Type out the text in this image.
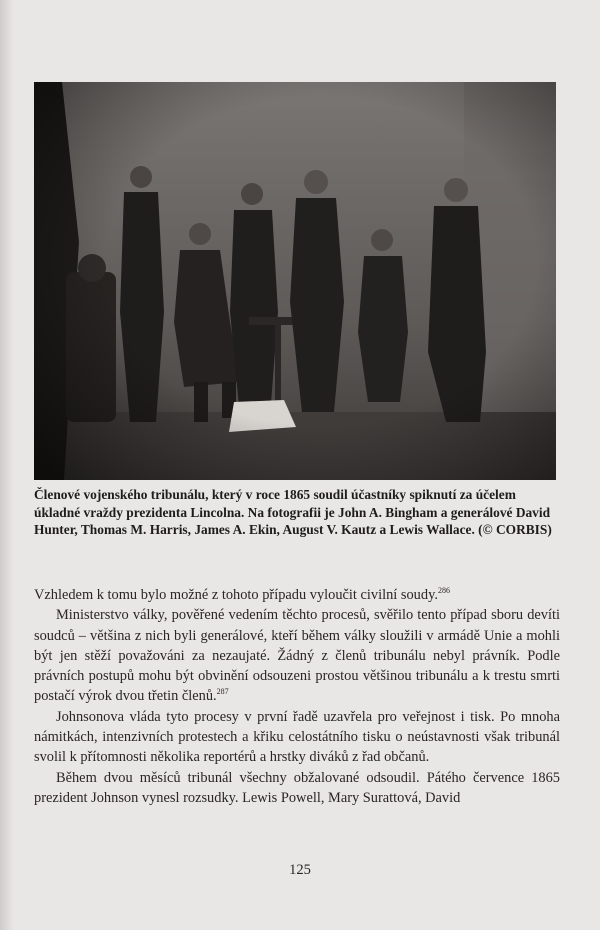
Členové vojenského tribunálu, který v roce 1865 soudil účastníky spiknutí za účelem úkladné vraždy prezidenta Lincolna. Na fotografii je John A. Bingham a generálové David Hunter, Thomas M. Harris, James A. Ekin, August V. Kautz a Lewis Wallace. (© CORBIS)

Vzhledem k tomu bylo možné z tohoto případu vyloučit civilní soudy.$^{286}$

Ministerstvo války, pověřené vedením těchto procesů, svěřilo tento případ sboru devíti soudců – většina z nich byli generálové, kteří během války sloužili v armádě Unie a mohli být jen stěží považováni za nezaujaté. Žádný z členů tribunálu nebyl právník. Podle právních postupů mohu být obvinění odsouzeni prostou většinou tribunálu a k trestu smrti postačí výrok dvou třetin členů.$^{287}$

Johnsonova vláda tyto procesy v první řadě uzavřela pro veřejnost i tisk. Po mnoha námitkách, intenzivních protestech a křiku celostátního tisku o neústavnosti však tribunál svolil k přítomnosti několika reportérů a hrstky diváků z řad občanů.

Během dvou měsíců tribunál všechny obžalované odsoudil. Pátého července 1865 prezident Johnson vynesl rozsudky. Lewis Powell, Mary Surattová, David

125
